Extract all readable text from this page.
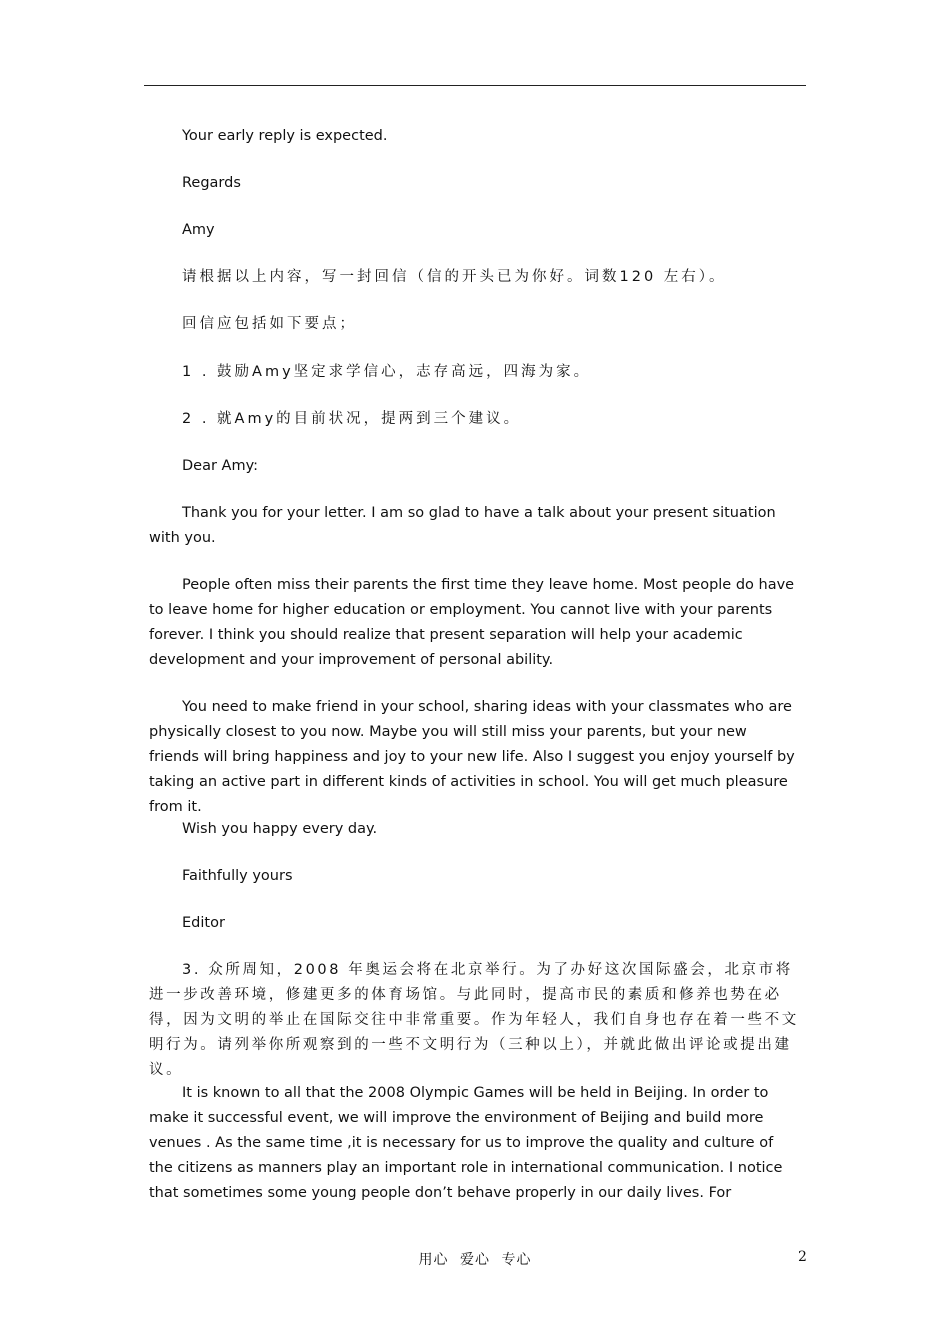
Your early reply is expected.

Regards

Amy

请根据以上内容，写一封回信（信的开头已为你好。词数120 左右）。

回信应包括如下要点；

1 . 鼓励Amy坚定求学信心，志存高远，四海为家。

2 . 就Amy的目前状况，提两到三个建议。

Dear Amy:

Thank you for your letter. I am so glad to have a talk about your present situation with you.

People often miss their parents the first time they leave home. Most people do have to leave home for higher education or employment. You cannot live with your parents forever. I think you should realize that present separation will help your academic development and your improvement of personal ability.

You need to make friend in your school, sharing ideas with your classmates who are physically closest to you now. Maybe you will still miss your parents, but your new friends will bring happiness and joy to your new life. Also I suggest you enjoy yourself by taking an active part in different kinds of activities in school. You will get much pleasure from it.

Wish you happy every day.

Faithfully yours

Editor

3. 众所周知，2008 年奥运会将在北京举行。为了办好这次国际盛会，北京市将进一步改善环境，修建更多的体育场馆。与此同时，提高市民的素质和修养也势在必得，因为文明的举止在国际交往中非常重要。作为年轻人，我们自身也存在着一些不文明行为。请列举你所观察到的一些不文明行为（三种以上），并就此做出评论或提出建议。

It is known to all that the 2008 Olympic Games will be held in Beijing. In order to make it successful event, we will improve the environment of Beijing and build more venues . As the same time ,it is necessary for us to improve the quality and culture of the citizens as manners play an important role in international communication. I notice that sometimes some young people don’t behave properly in our daily lives. For

用心 爱心 专心	2
